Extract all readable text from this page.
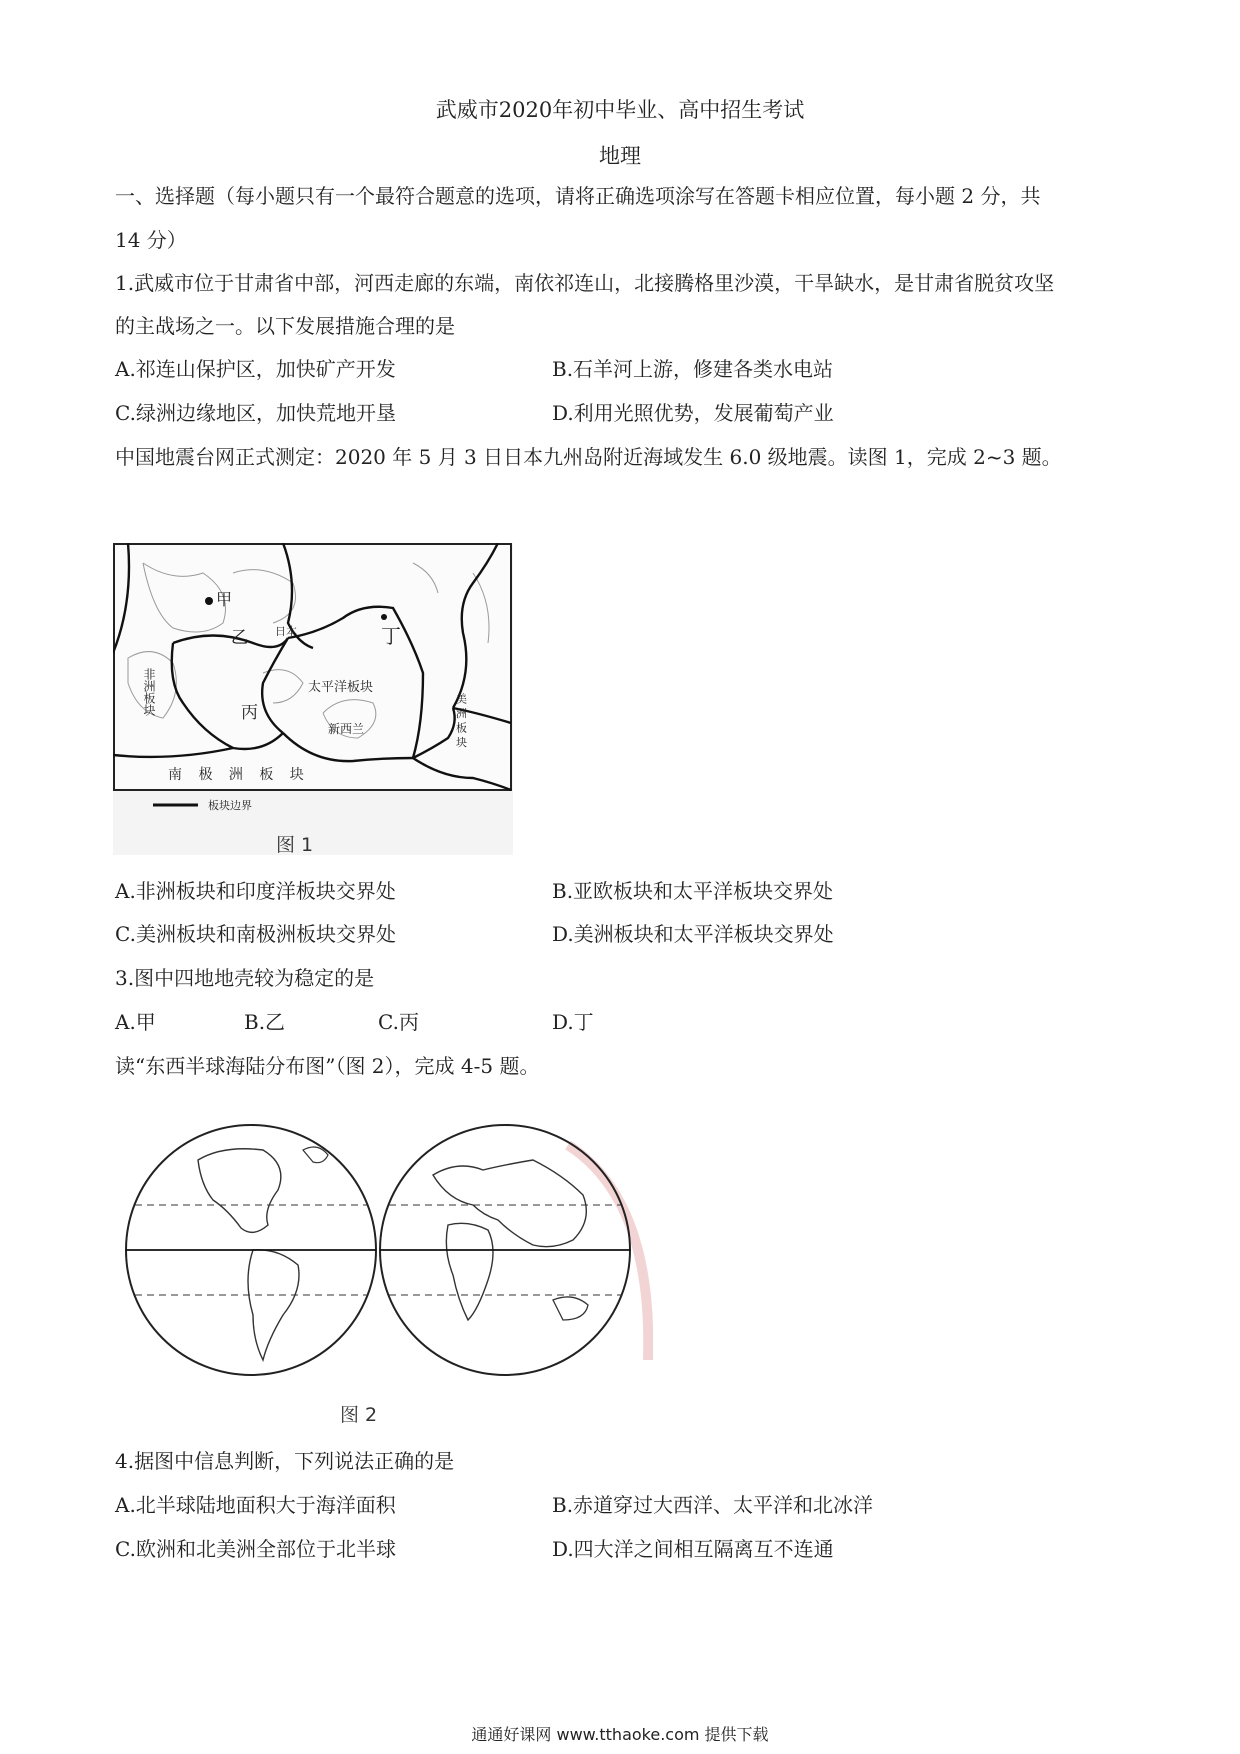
武威市2020年初中毕业、高中招生考试
地理
一、选择题（每小题只有一个最符合题意的选项，请将正确选项涂写在答题卡相应位置，每小题 2 分，共
14 分）
1.武威市位于甘肃省中部，河西走廊的东端，南依祁连山，北接腾格里沙漠，干旱缺水，是甘肃省脱贫攻坚
的主战场之一。以下发展措施合理的是
A.祁连山保护区，加快矿产开发	B.石羊河上游，修建各类水电站
C.绿洲边缘地区，加快荒地开垦	D.利用光照优势，发展葡萄产业
中国地震台网正式测定：2020 年 5 月 3 日日本九州岛附近海域发生 6.0 级地震。读图 1，完成 2~3 题。
甲
乙
丙
丁
日本
太平洋板块
新西兰
南 极 洲 板 块
美 洲 板 块
非洲板块
板块边界
图 1
A.非洲板块和印度洋板块交界处	B.亚欧板块和太平洋板块交界处
C.美洲板块和南极洲板块交界处	D.美洲板块和太平洋板块交界处
3.图中四地地壳较为稳定的是
A.甲	B.乙	C.丙	D.丁
读“东西半球海陆分布图”（图 2），完成 4-5 题。
图 2
4.据图中信息判断，下列说法正确的是
A.北半球陆地面积大于海洋面积	B.赤道穿过大西洋、太平洋和北冰洋
C.欧洲和北美洲全部位于北半球	D.四大洋之间相互隔离互不连通
通通好课网 www.tthaoke.com 提供下载
